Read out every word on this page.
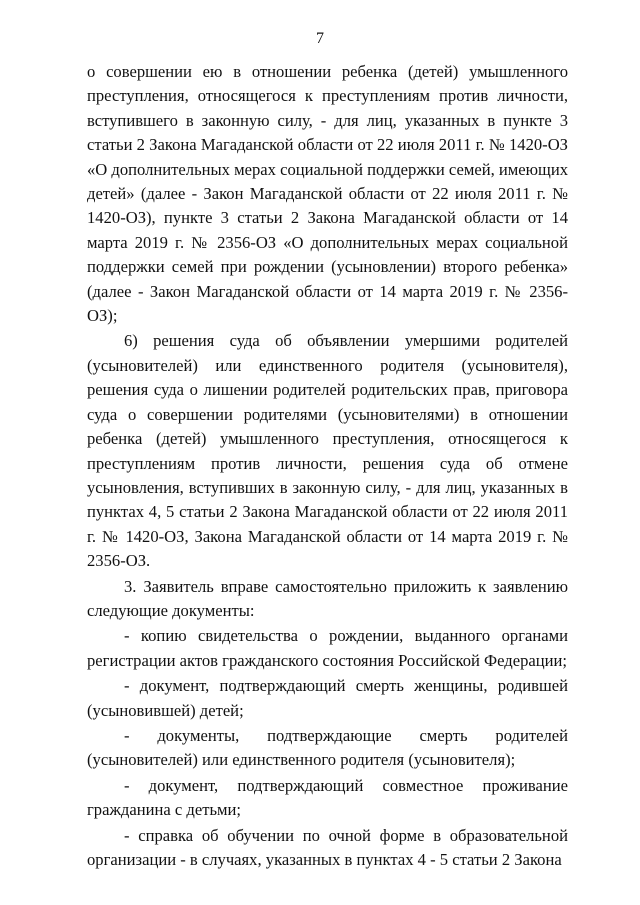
7

о совершении ею в отношении ребенка (детей) умышленного преступления, относящегося к преступлениям против личности, вступившего в законную силу, - для лиц, указанных в пункте 3 статьи 2 Закона Магаданской области от 22 июля 2011 г. № 1420-ОЗ «О дополнительных мерах социальной поддержки семей, имеющих детей» (далее - Закон Магаданской области от 22 июля 2011 г. № 1420-ОЗ), пункте 3 статьи 2 Закона Магаданской области от 14 марта 2019 г. № 2356-ОЗ «О дополнительных мерах социальной поддержки семей при рождении (усыновлении) второго ребенка» (далее - Закон Магаданской области от 14 марта 2019 г. № 2356-ОЗ);

6) решения суда об объявлении умершими родителей (усыновителей) или единственного родителя (усыновителя), решения суда о лишении родителей родительских прав, приговора суда о совершении родителями (усыновителями) в отношении ребенка (детей) умышленного преступления, относящегося к преступлениям против личности, решения суда об отмене усыновления, вступивших в законную силу, - для лиц, указанных в пунктах 4, 5 статьи 2 Закона Магаданской области от 22 июля 2011 г. № 1420-ОЗ, Закона Магаданской области от 14 марта 2019 г. № 2356-ОЗ.

3. Заявитель вправе самостоятельно приложить к заявлению следующие документы:

- копию свидетельства о рождении, выданного органами регистрации актов гражданского состояния Российской Федерации;

- документ, подтверждающий смерть женщины, родившей (усыновившей) детей;

- документы, подтверждающие смерть родителей (усыновителей) или единственного родителя (усыновителя);

- документ, подтверждающий совместное проживание гражданина с детьми;

- справка об обучении по очной форме в образовательной организации - в случаях, указанных в пунктах 4 - 5 статьи 2 Закона
